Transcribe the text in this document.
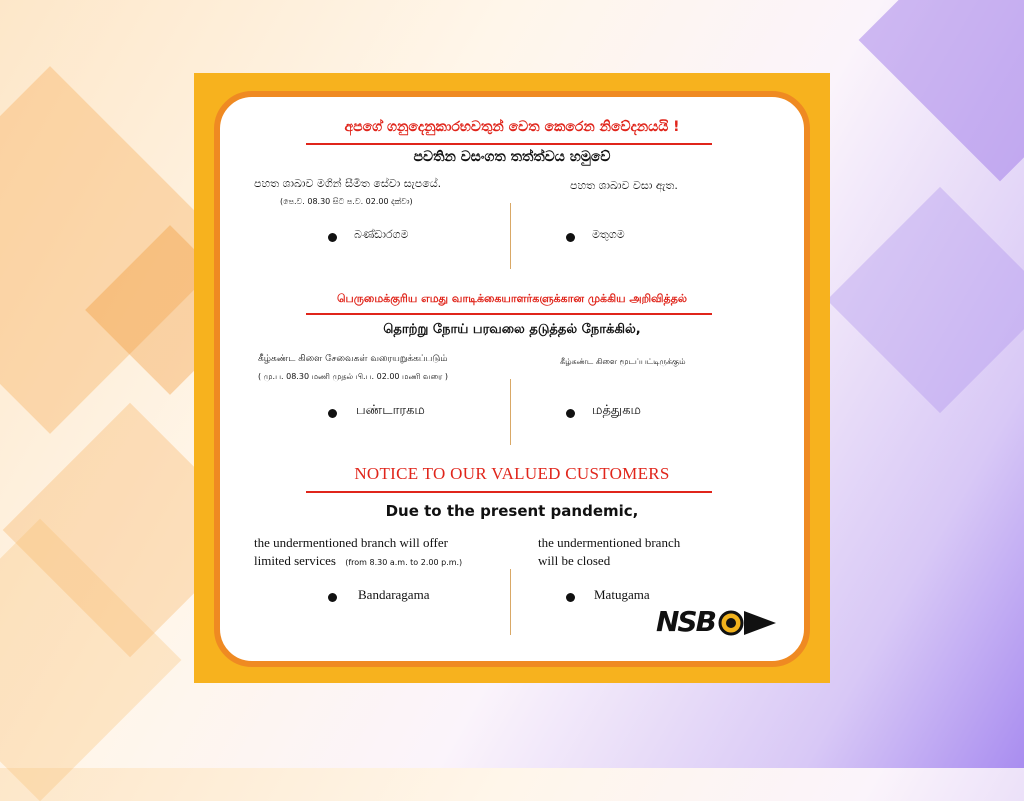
අපගේ ගනුදෙනුකාරභවතුන් වෙත කෙරෙන නිවේදනයයි !
පවතින වසංගත තත්ත්වය හමුවේ
පහත ශාඛාව මගින් සීමිත සේවා සැපයේ.
(පෙ.ව. 08.30 සිට ප.ව. 02.00 දක්වා)
බණ්ඩාරගම
පහත ශාඛාව වසා ඇත.
මතුගම
பெருமைக்குரிய எமது வாடிக்கையாளர்களுக்கான முக்கிய அறிவித்தல்
தொற்று நோய் பரவலை தடுத்தல் நோக்கில்,
கீழ்கண்ட கிளை சேவைகள் வரையறுக்கப்படும்
( மு.ப. 08.30 மணி முதல் பி.ப. 02.00 மணி வரை )
பண்டாரகம
கீழ்கண்ட கிளை மூடப்பட்டிருக்கும்
மத்துகம
NOTICE TO OUR VALUED CUSTOMERS
Due to the present pandemic,
the undermentioned branch will offer
limited services (from 8.30 a.m. to 2.00 p.m.)
Bandaragama
the undermentioned branch
will be closed
Matugama
NSB
